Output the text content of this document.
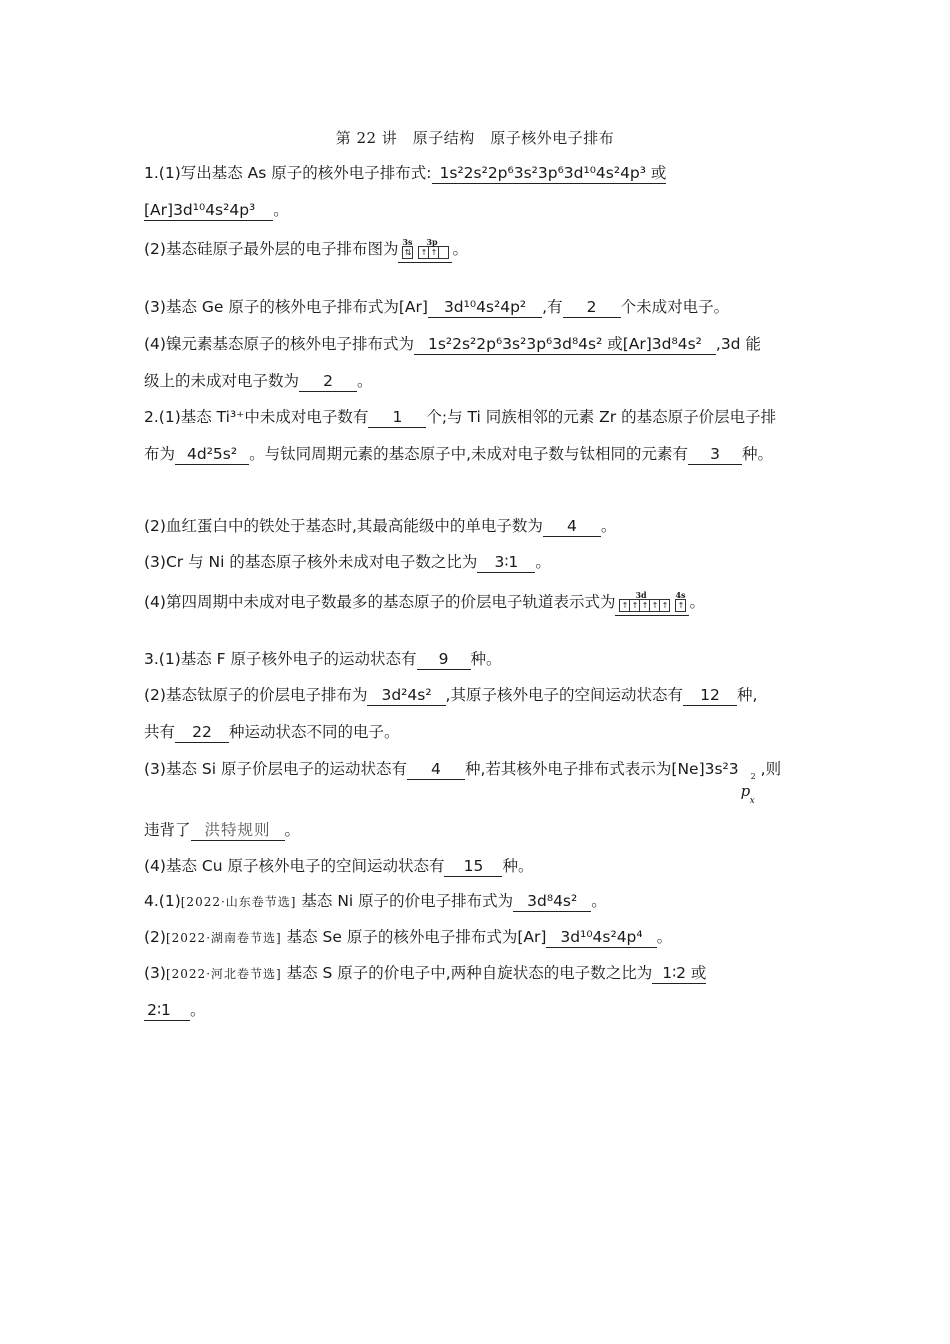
第 22 讲　原子结构　原子核外电子排布
1.(1)写出基态 As 原子的核外电子排布式: 1s²2s²2p⁶3s²3p⁶3d¹⁰4s²4p³ 或
[Ar]3d¹⁰4s²4p³ 。
(2)基态硅原子最外层的电子排布图为 3s
⇅
3p
↑ ↑ 。
(3)基态 Ge 原子的核外电子排布式为[Ar] 3d¹⁰4s²4p² ,有 2 个未成对电子。
(4)镍元素基态原子的核外电子排布式为 1s²2s²2p⁶3s²3p⁶3d⁸4s² 或[Ar]3d⁸4s² ,3d 能
级上的未成对电子数为 2 。
2.(1)基态 Ti³⁺中未成对电子数有 1 个;与 Ti 同族相邻的元素 Zr 的基态原子价层电子排
布为 4d²5s² 。与钛同周期元素的基态原子中,未成对电子数与钛相同的元素有 3 种。
(2)血红蛋白中的铁处于基态时,其最高能级中的单电子数为 4 。
(3)Cr 与 Ni 的基态原子核外未成对电子数之比为 3∶1 。
(4)第四周期中未成对电子数最多的基态原子的价层电子轨道表示式为	3d
↑ ↑ ↑ ↑ ↑
4s
↑ 。
3.(1)基态 F 原子核外电子的运动状态有 9 种。
(2)基态钛原子的价层电子排布为 3d²4s² ,其原子核外电子的空间运动状态有 12 种,
共有 22 种运动状态不同的电子。
(3)基态 Si 原子价层电子的运动状态有 4 种,若其核外电子排布式表示为[Ne]3s²3
p
2
x
,则
违背了 洪特规则 。
(4)基态 Cu 原子核外电子的空间运动状态有 15 种。
4.(1)[2022·山东卷节选] 基态 Ni 原子的价电子排布式为 3d⁸4s² 。
(2)[2022·湖南卷节选] 基态 Se 原子的核外电子排布式为[Ar] 3d¹⁰4s²4p⁴ 。
(3)[2022·河北卷节选] 基态 S 原子的价电子中,两种自旋状态的电子数之比为 1∶2 或
2∶1 。
